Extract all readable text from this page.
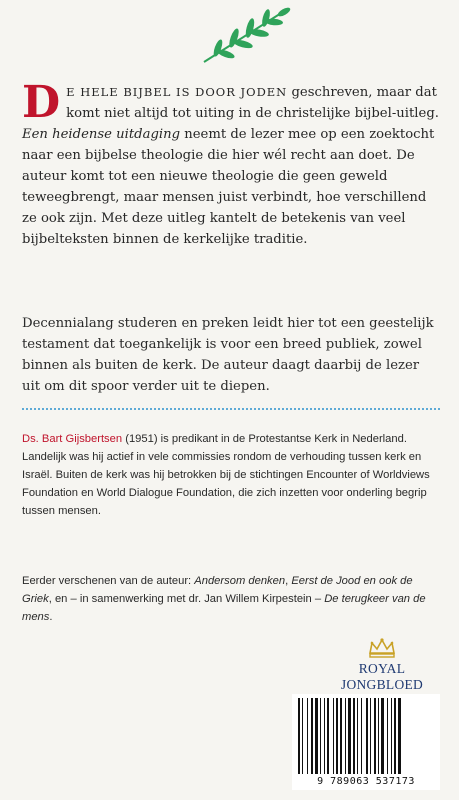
D E HELE BIJBEL IS DOOR JODEN geschreven, maar dat komt niet altijd tot uiting in de christelijke bijbel-uitleg. Een heidense uitdaging neemt de lezer mee op een zoektocht naar een bijbelse theologie die hier wél recht aan doet. De auteur komt tot een nieuwe theologie die geen geweld teweegbrengt, maar mensen juist verbindt, hoe verschillend ze ook zijn. Met deze uitleg kantelt de betekenis van veel bijbelteksten binnen de kerkelijke traditie.

Decennialang studeren en preken leidt hier tot een geestelijk testament dat toegankelijk is voor een breed publiek, zowel binnen als buiten de kerk. De auteur daagt daarbij de lezer uit om dit spoor verder uit te diepen.

Ds. Bart Gijsbertsen (1951) is predikant in de Protestantse Kerk in Nederland. Landelijk was hij actief in vele commissies rondom de verhouding tussen kerk en Israël. Buiten de kerk was hij betrokken bij de stichtingen Encounter of Worldviews Foundation en World Dialogue Foundation, die zich inzetten voor onderling begrip tussen mensen.

Eerder verschenen van de auteur: Andersom denken, Eerst de Jood en ook de Griek, en – in samenwerking met dr. Jan Willem Kirpestein – De terugkeer van de mens.

ROYAL JONGBLOED
9 789063 537173
